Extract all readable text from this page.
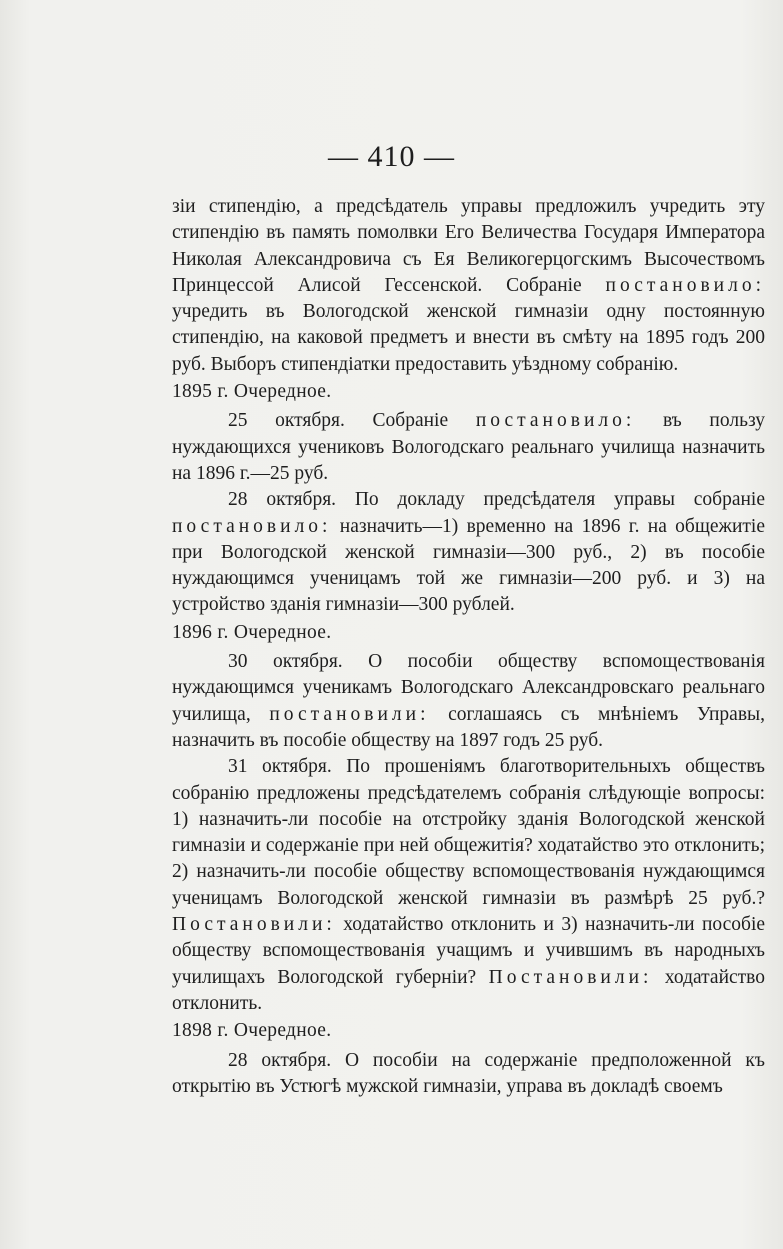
— 410 —

зіи стипендію, а предсѣдатель управы предложилъ учредить эту стипендію въ память помолвки Его Величества Государя Императора Николая Александровича съ Ея Великогерцогскимъ Высочествомъ Принцессой Алисой Гессенской. Собраніе постановило: учредить въ Вологодской женской гимназіи одну постоянную стипендію, на каковой предметъ и внести въ смѣту на 1895 годъ 200 руб. Выборъ стипендіатки предоставить уѣздному собранію.

1895 г. Очередное.

25 октября. Собраніе постановило: въ пользу нуждающихся учениковъ Вологодскаго реальнаго училища назначить на 1896 г.—25 руб.

28 октября. По докладу предсѣдателя управы собраніе постановило: назначить—1) временно на 1896 г. на общежитіе при Вологодской женской гимназіи—300 руб., 2) въ пособіе нуждающимся ученицамъ той же гимназіи—200 руб. и 3) на устройство зданія гимназіи—300 рублей.

1896 г. Очередное.

30 октября. О пособіи обществу вспомоществованія нуждающимся ученикамъ Вологодскаго Александровскаго реальнаго училища, постановили: соглашаясь съ мнѣніемъ Управы, назначить въ пособіе обществу на 1897 годъ 25 руб.

31 октября. По прошеніямъ благотворительныхъ обществъ собранію предложены предсѣдателемъ собранія слѣдующіе вопросы: 1) назначить-ли пособіе на отстройку зданія Вологодской женской гимназіи и содержаніе при ней общежитія? ходатайство это отклонить; 2) назначить-ли пособіе обществу вспомоществованія нуждающимся ученицамъ Вологодской женской гимназіи въ размѣрѣ 25 руб.? Постановили: ходатайство отклонить и 3) назначить-ли пособіе обществу вспомоществованія учащимъ и учившимъ въ народныхъ училищахъ Вологодской губерніи? Постановили: ходатайство отклонить.

1898 г. Очередное.

28 октября. О пособіи на содержаніе предположенной къ открытію въ Устюгѣ мужской гимназіи, управа въ докладѣ своемъ
